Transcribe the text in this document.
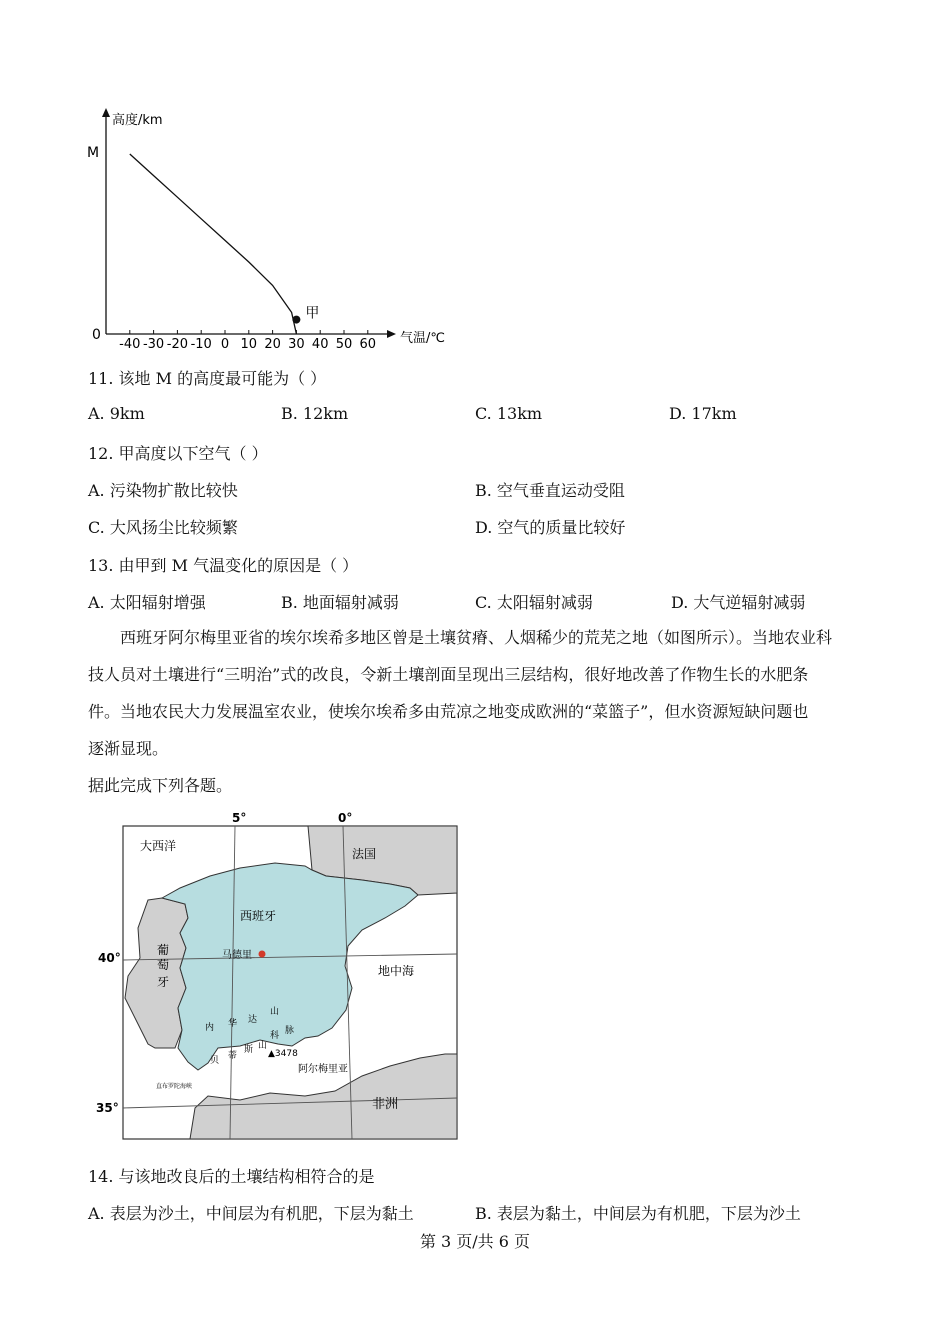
高度/km
气温/℃
M
0
-40 -30 -20 -10 0 10 20 30 40 50 60
甲
11. 该地 M 的高度最可能为（ ）
A. 9km	B. 12km	C. 13km	D. 17km
12. 甲高度以下空气（ ）
A. 污染物扩散比较快	B. 空气垂直运动受阻
C. 大风扬尘比较频繁	D. 空气的质量比较好
13. 由甲到 M 气温变化的原因是（ ）
A. 太阳辐射增强	B. 地面辐射减弱	C. 太阳辐射减弱	D. 大气逆辐射减弱
西班牙阿尔梅里亚省的埃尔埃希多地区曾是土壤贫瘠、人烟稀少的荒芜之地（如图所示）。当地农业科
技人员对土壤进行“三明治”式的改良，令新土壤剖面呈现出三层结构，很好地改善了作物生长的水肥条
件。当地农民大力发展温室农业，使埃尔埃希多由荒凉之地变成欧洲的“菜篮子”，但水资源短缺问题也
逐渐显现。
据此完成下列各题。
5°	0°
40°
35°
大西洋
法国
西班牙
葡
萄
牙
马德里
地中海
内 华 达
山
脉
贝 蒂
斯 山
科
▲3478
阿尔梅里亚
直布罗陀海峡
非洲
14. 与该地改良后的土壤结构相符合的是
A. 表层为沙土，中间层为有机肥，下层为黏土	B. 表层为黏土，中间层为有机肥，下层为沙土
第 3 页/共 6 页
